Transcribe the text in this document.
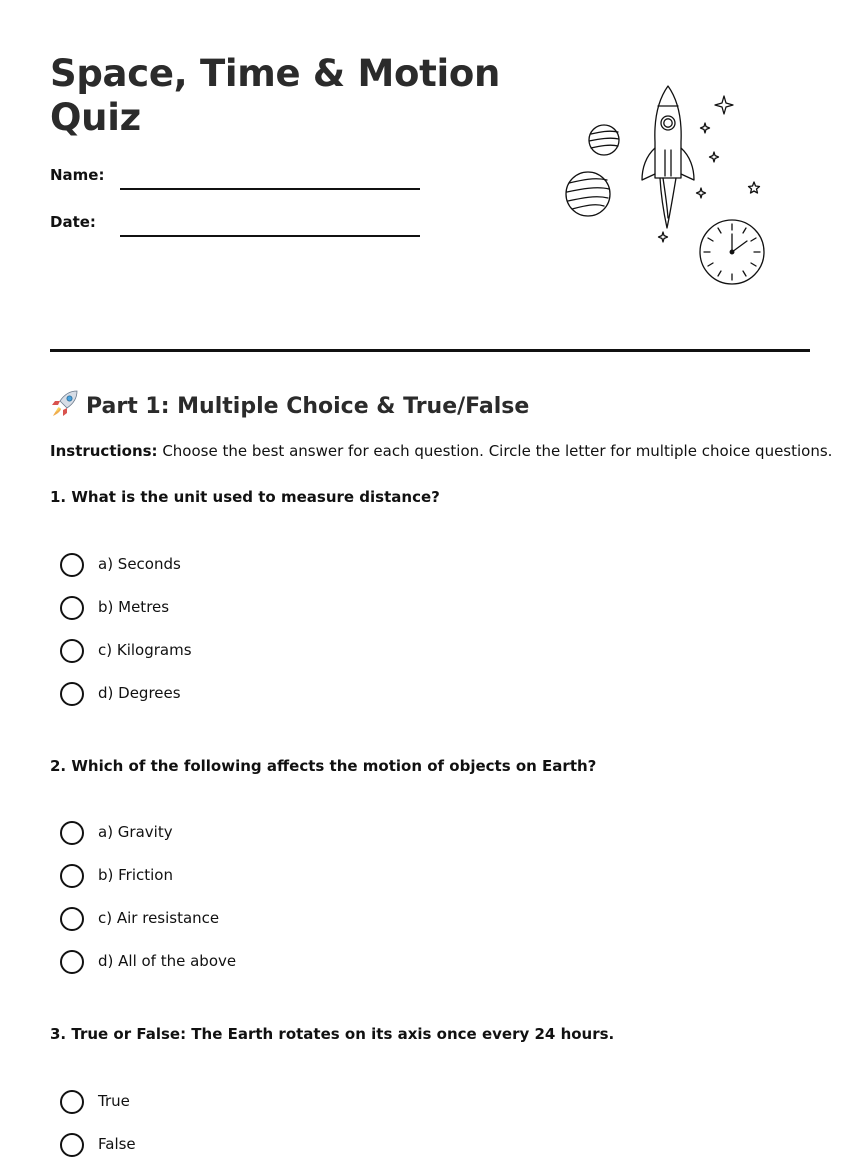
Space, Time & Motion Quiz
Name:
Date:
Part 1: Multiple Choice & True/False
Instructions: Choose the best answer for each question. Circle the letter for multiple choice questions.
1. What is the unit used to measure distance?
a) Seconds
b) Metres
c) Kilograms
d) Degrees
2. Which of the following affects the motion of objects on Earth?
a) Gravity
b) Friction
c) Air resistance
d) All of the above
3. True or False: The Earth rotates on its axis once every 24 hours.
True
False
